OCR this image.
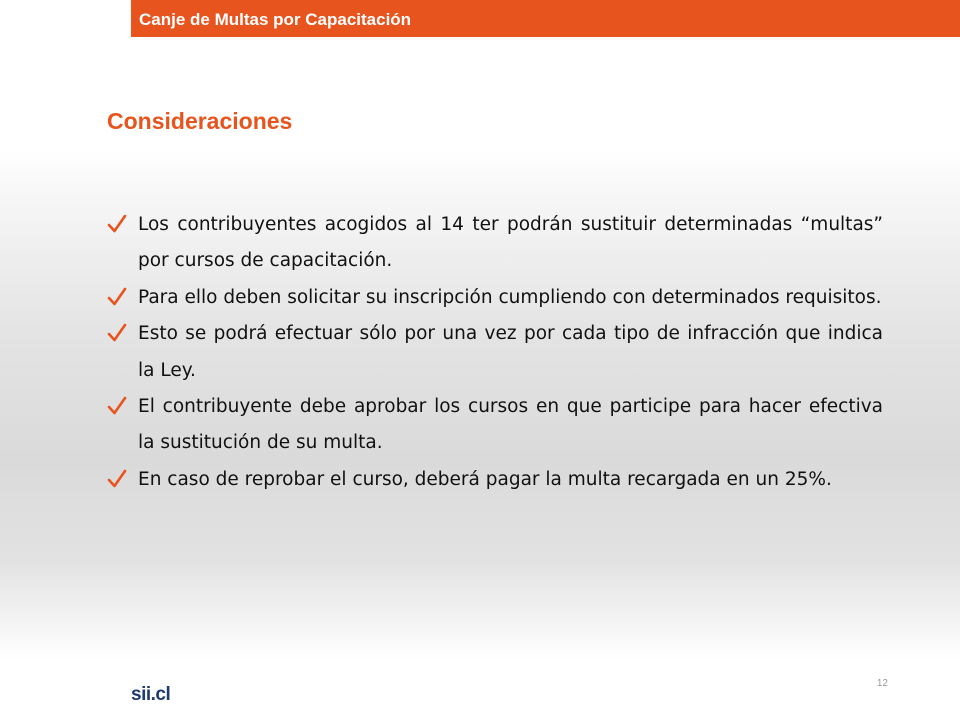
Canje de Multas por Capacitación
Consideraciones
Los contribuyentes acogidos al 14 ter podrán sustituir determinadas “multas” por cursos de capacitación.
Para ello deben solicitar su inscripción cumpliendo con determinados requisitos.
Esto se podrá efectuar sólo por una vez por cada tipo de infracción que indica la Ley.
El contribuyente debe aprobar los cursos en que participe para hacer efectiva la sustitución de su multa.
En caso de reprobar el curso, deberá pagar la multa recargada en un 25%.
12
sii.cl
